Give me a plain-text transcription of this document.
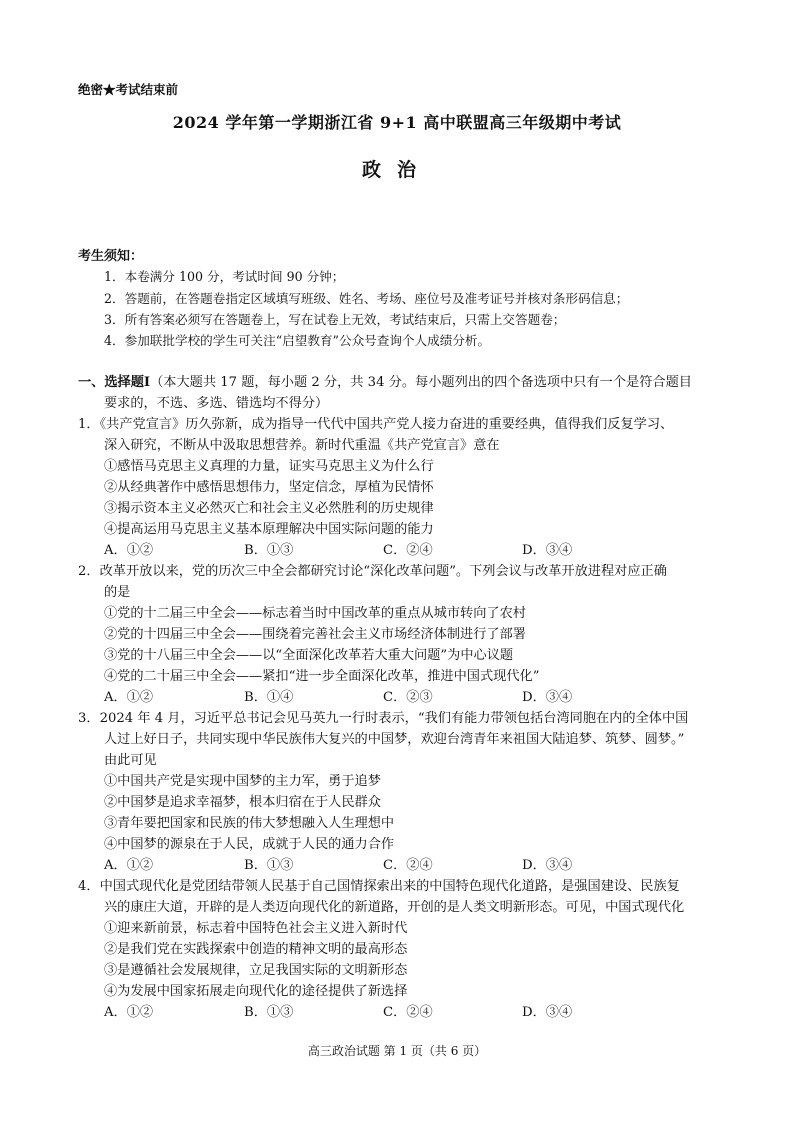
绝密★考试结束前
2024 学年第一学期浙江省 9+1 高中联盟高三年级期中考试
政治
考生须知：
1．本卷满分 100 分，考试时间 90 分钟；
2．答题前，在答题卷指定区域填写班级、姓名、考场、座位号及准考证号并核对条形码信息；
3．所有答案必须写在答题卷上，写在试卷上无效，考试结束后，只需上交答题卷；
4．参加联批学校的学生可关注“启望教育”公众号查询个人成绩分析。
一、选择题Ⅰ（本大题共 17 题，每小题 2 分，共 34 分。每小题列出的四个备选项中只有一个是符合题目
要求的，不选、多选、错选均不得分）
1．《共产党宣言》历久弥新，成为指导一代代中国共产党人接力奋进的重要经典，值得我们反复学习、
深入研究，不断从中汲取思想营养。新时代重温《共产党宣言》意在
①感悟马克思主义真理的力量，证实马克思主义为什么行
②从经典著作中感悟思想伟力，坚定信念，厚植为民情怀
③揭示资本主义必然灭亡和社会主义必然胜利的历史规律
④提高运用马克思主义基本原理解决中国实际问题的能力
A．①②	B．①③	C．②④	D．③④
2．改革开放以来，党的历次三中全会都研究讨论“深化改革问题”。下列会议与改革开放进程对应正确
的是
①党的十二届三中全会——标志着当时中国改革的重点从城市转向了农村
②党的十四届三中全会——围绕着完善社会主义市场经济体制进行了部署
③党的十八届三中全会——以“全面深化改革若大重大问题”为中心议题
④党的二十届三中全会——紧扣“进一步全面深化改革，推进中国式现代化”
A．①②	B．①④	C．②③	D．③④
3．2024 年 4 月，习近平总书记会见马英九一行时表示，“我们有能力带领包括台湾同胞在内的全体中国
人过上好日子，共同实现中华民族伟大复兴的中国梦，欢迎台湾青年来祖国大陆追梦、筑梦、圆梦。”
由此可见
①中国共产党是实现中国梦的主力军，勇于追梦
②中国梦是追求幸福梦，根本归宿在于人民群众
③青年要把国家和民族的伟大梦想融入人生理想中
④中国梦的源泉在于人民，成就于人民的通力合作
A．①②	B．①③	C．②④	D．③④
4．中国式现代化是党团结带领人民基于自己国情探索出来的中国特色现代化道路，是强国建设、民族复
兴的康庄大道，开辟的是人类迈向现代化的新道路，开创的是人类文明新形态。可见，中国式现代化
①迎来新前景，标志着中国特色社会主义进入新时代
②是我们党在实践探索中创造的精神文明的最高形态
③是遵循社会发展规律，立足我国实际的文明新形态
④为发展中国家拓展走向现代化的途径提供了新选择
A．①②	B．①③	C．②④	D．③④
高三政治试题 第 1 页（共 6 页）
